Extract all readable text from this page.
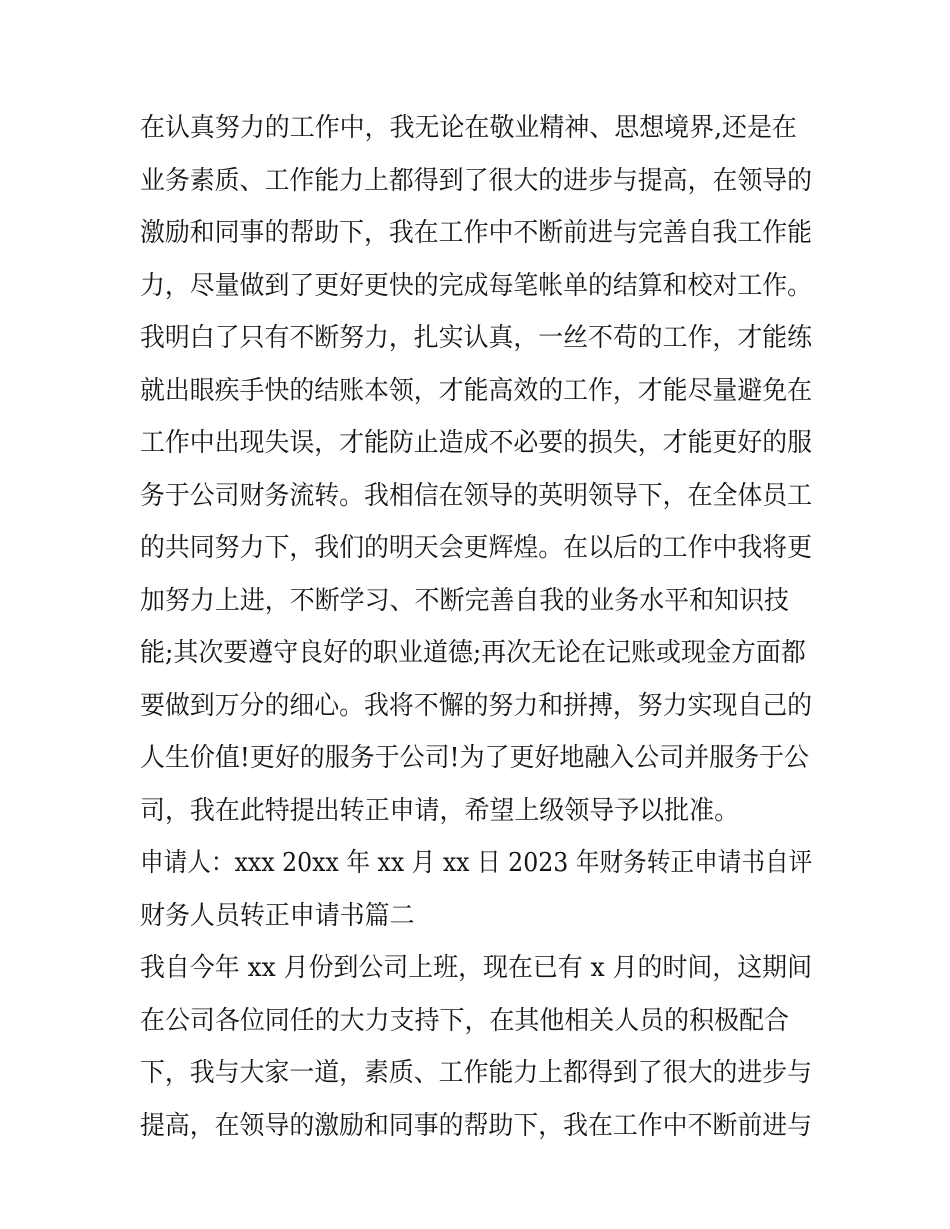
在认真努力的工作中，我无论在敬业精神、思想境界,还是在
业务素质、工作能力上都得到了很大的进步与提高，在领导的
激励和同事的帮助下，我在工作中不断前进与完善自我工作能
力，尽量做到了更好更快的完成每笔帐单的结算和校对工作。
我明白了只有不断努力，扎实认真，一丝不苟的工作，才能练
就出眼疾手快的结账本领，才能高效的工作，才能尽量避免在
工作中出现失误，才能防止造成不必要的损失，才能更好的服
务于公司财务流转。我相信在领导的英明领导下，在全体员工
的共同努力下，我们的明天会更辉煌。在以后的工作中我将更
加努力上进，不断学习、不断完善自我的业务水平和知识技
能;其次要遵守良好的职业道德;再次无论在记账或现金方面都
要做到万分的细心。我将不懈的努力和拼搏，努力实现自己的
人生价值!更好的服务于公司!为了更好地融入公司并服务于公
司，我在此特提出转正申请，希望上级领导予以批准。
申请人：xxx 20xx 年 xx 月 xx 日 2023 年财务转正申请书自评
财务人员转正申请书篇二
我自今年 xx 月份到公司上班，现在已有 x 月的时间，这期间
在公司各位同任的大力支持下，在其他相关人员的积极配合
下，我与大家一道，素质、工作能力上都得到了很大的进步与
提高，在领导的激励和同事的帮助下，我在工作中不断前进与
